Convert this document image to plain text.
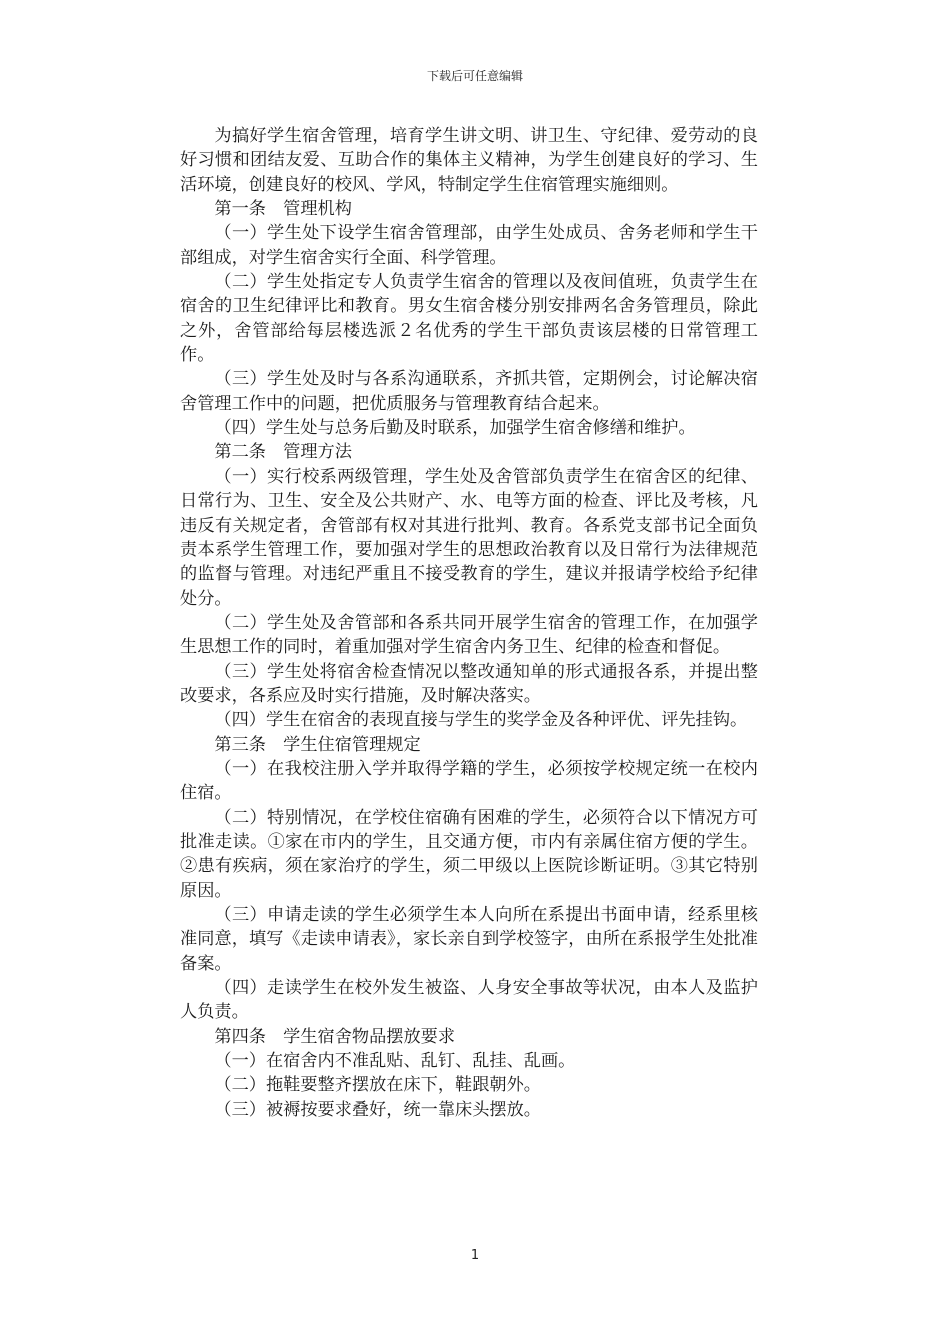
下载后可任意编辑

为搞好学生宿舍管理，培育学生讲文明、讲卫生、守纪律、爱劳动的良好习惯和团结友爱、互助合作的集体主义精神，为学生创建良好的学习、生活环境，创建良好的校风、学风，特制定学生住宿管理实施细则。

第一条　管理机构

（一）学生处下设学生宿舍管理部，由学生处成员、舍务老师和学生干部组成，对学生宿舍实行全面、科学管理。

（二）学生处指定专人负责学生宿舍的管理以及夜间值班，负责学生在宿舍的卫生纪律评比和教育。男女生宿舍楼分别安排两名舍务管理员，除此之外，舍管部给每层楼选派２名优秀的学生干部负责该层楼的日常管理工作。

（三）学生处及时与各系沟通联系，齐抓共管，定期例会，讨论解决宿舍管理工作中的问题，把优质服务与管理教育结合起来。

（四）学生处与总务后勤及时联系，加强学生宿舍修缮和维护。

第二条　管理方法

（一）实行校系两级管理，学生处及舍管部负责学生在宿舍区的纪律、日常行为、卫生、安全及公共财产、水、电等方面的检查、评比及考核，凡违反有关规定者，舍管部有权对其进行批判、教育。各系党支部书记全面负责本系学生管理工作，要加强对学生的思想政治教育以及日常行为法律规范的监督与管理。对违纪严重且不接受教育的学生，建议并报请学校给予纪律处分。

（二）学生处及舍管部和各系共同开展学生宿舍的管理工作，在加强学生思想工作的同时，着重加强对学生宿舍内务卫生、纪律的检查和督促。

（三）学生处将宿舍检查情况以整改通知单的形式通报各系，并提出整改要求，各系应及时实行措施，及时解决落实。

（四）学生在宿舍的表现直接与学生的奖学金及各种评优、评先挂钩。

第三条　学生住宿管理规定

（一）在我校注册入学并取得学籍的学生，必须按学校规定统一在校内住宿。

（二）特别情况，在学校住宿确有困难的学生，必须符合以下情况方可批准走读。①家在市内的学生，且交通方便，市内有亲属住宿方便的学生。②患有疾病，须在家治疗的学生，须二甲级以上医院诊断证明。③其它特别原因。

（三）申请走读的学生必须学生本人向所在系提出书面申请，经系里核准同意，填写《走读申请表》，家长亲自到学校签字，由所在系报学生处批准备案。

（四）走读学生在校外发生被盗、人身安全事故等状况，由本人及监护人负责。

第四条　学生宿舍物品摆放要求

（一）在宿舍内不准乱贴、乱钉、乱挂、乱画。

（二）拖鞋要整齐摆放在床下，鞋跟朝外。

（三）被褥按要求叠好，统一靠床头摆放。

1
